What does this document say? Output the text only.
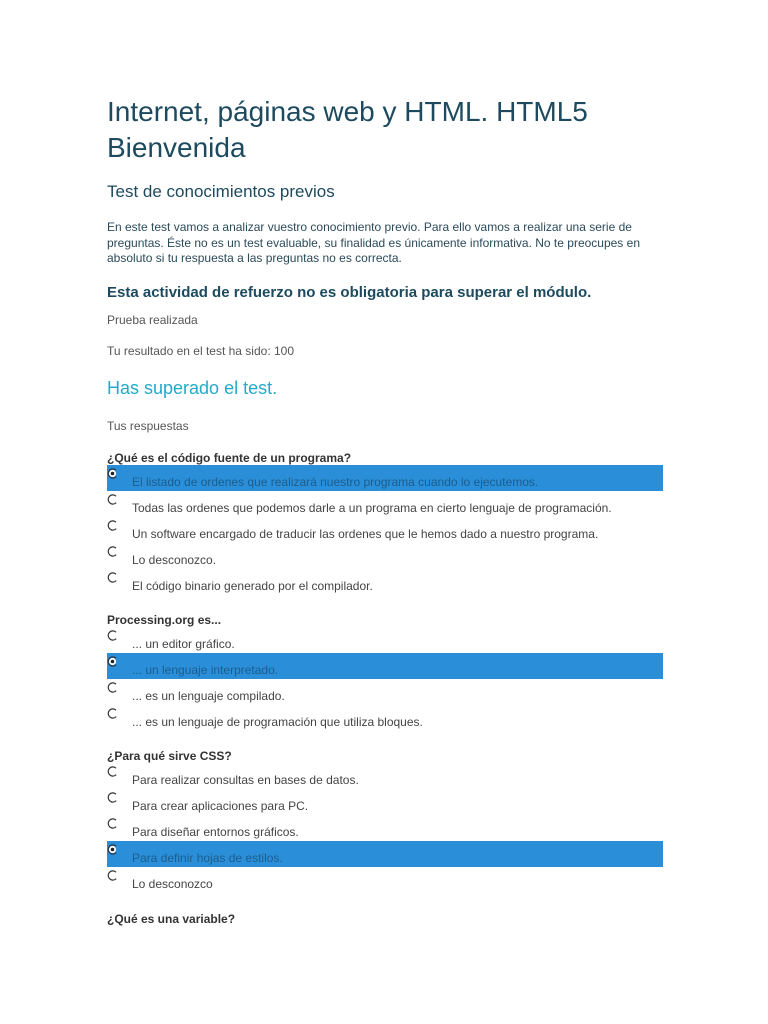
Internet, páginas web y HTML. HTML5
Bienvenida
Test de conocimientos previos

En este test vamos a analizar vuestro conocimiento previo. Para ello vamos a realizar una serie de preguntas. Éste no es un test evaluable, su finalidad es únicamente informativa. No te preocupes en absoluto si tu respuesta a las preguntas no es correcta.

Esta actividad de refuerzo no es obligatoria para superar el módulo.

Prueba realizada

Tu resultado en el test ha sido: 100

Has superado el test.

Tus respuestas

¿Qué es el código fuente de un programa?

El listado de ordenes que realizará nuestro programa cuando lo ejecutemos.
Todas las ordenes que podemos darle a un programa en cierto lenguaje de programación.
Un software encargado de traducir las ordenes que le hemos dado a nuestro programa.
Lo desconozco.
El código binario generado por el compilador.

Processing.org es...

... un editor gráfico.
... un lenguaje interpretado.
... es un lenguaje compilado.
... es un lenguaje de programación que utiliza bloques.

¿Para qué sirve CSS?

Para realizar consultas en bases de datos.
Para crear aplicaciones para PC.
Para diseñar entornos gráficos.
Para definir hojas de estilos.
Lo desconozco

¿Qué es una variable?
